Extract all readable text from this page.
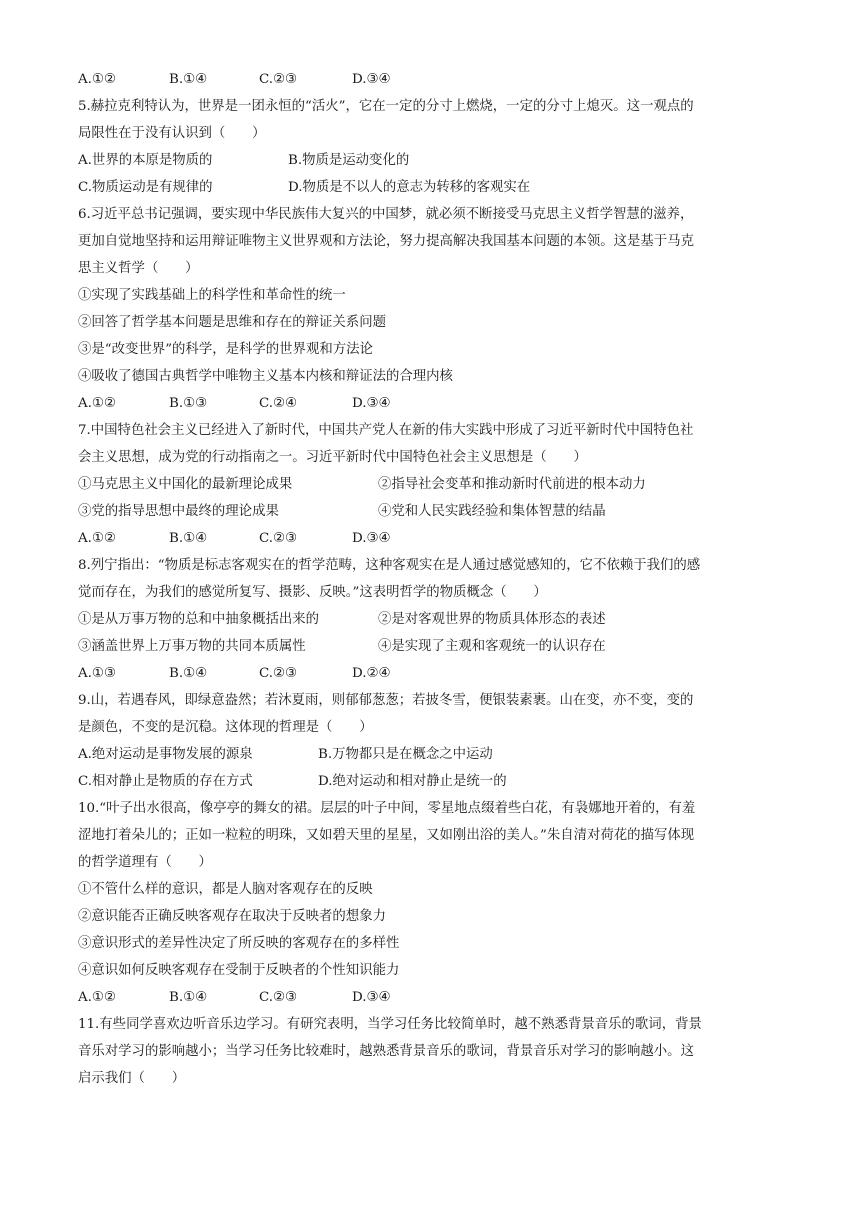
A.①②	B.①④	C.②③	D.③④
5.赫拉克利特认为，世界是一团永恒的“活火”，它在一定的分寸上燃烧，一定的分寸上熄灭。这一观点的
局限性在于没有认识到（　　）
A.世界的本原是物质的	B.物质是运动变化的
C.物质运动是有规律的	D.物质是不以人的意志为转移的客观实在
6.习近平总书记强调，要实现中华民族伟大复兴的中国梦，就必须不断接受马克思主义哲学智慧的滋养，
更加自觉地坚持和运用辩证唯物主义世界观和方法论，努力提高解决我国基本问题的本领。这是基于马克
思主义哲学（　　）
①实现了实践基础上的科学性和革命性的统一
②回答了哲学基本问题是思维和存在的辩证关系问题
③是“改变世界”的科学，是科学的世界观和方法论
④吸收了德国古典哲学中唯物主义基本内核和辩证法的合理内核
A.①②	B.①③	C.②④	D.③④
7.中国特色社会主义已经进入了新时代，中国共产党人在新的伟大实践中形成了习近平新时代中国特色社
会主义思想，成为党的行动指南之一。习近平新时代中国特色社会主义思想是（　　）
①马克思主义中国化的最新理论成果	②指导社会变革和推动新时代前进的根本动力
③党的指导思想中最终的理论成果	④党和人民实践经验和集体智慧的结晶
A.①②	B.①④	C.②③	D.③④
8.列宁指出：“物质是标志客观实在的哲学范畴，这种客观实在是人通过感觉感知的，它不依赖于我们的感
觉而存在，为我们的感觉所复写、摄影、反映。”这表明哲学的物质概念（　　）
①是从万事万物的总和中抽象概括出来的	②是对客观世界的物质具体形态的表述
③涵盖世界上万事万物的共同本质属性	④是实现了主观和客观统一的认识存在
A.①③	B.①④	C.②③	D.②④
9.山，若遇春风，即绿意盎然；若沐夏雨，则郁郁葱葱；若披冬雪，便银装素裹。山在变，亦不变，变的
是颜色，不变的是沉稳。这体现的哲理是（　　）
A.绝对运动是事物发展的源泉	B.万物都只是在概念之中运动
C.相对静止是物质的存在方式	D.绝对运动和相对静止是统一的
10.“叶子出水很高，像亭亭的舞女的裙。层层的叶子中间，零星地点缀着些白花，有袅娜地开着的，有羞
涩地打着朵儿的；正如一粒粒的明珠，又如碧天里的星星，又如刚出浴的美人。”朱自清对荷花的描写体现
的哲学道理有（　　）
①不管什么样的意识，都是人脑对客观存在的反映
②意识能否正确反映客观存在取决于反映者的想象力
③意识形式的差异性决定了所反映的客观存在的多样性
④意识如何反映客观存在受制于反映者的个性知识能力
A.①②	B.①④	C.②③	D.③④
11.有些同学喜欢边听音乐边学习。有研究表明，当学习任务比较简单时，越不熟悉背景音乐的歌词，背景
音乐对学习的影响越小；当学习任务比较难时，越熟悉背景音乐的歌词，背景音乐对学习的影响越小。这
启示我们（　　）
